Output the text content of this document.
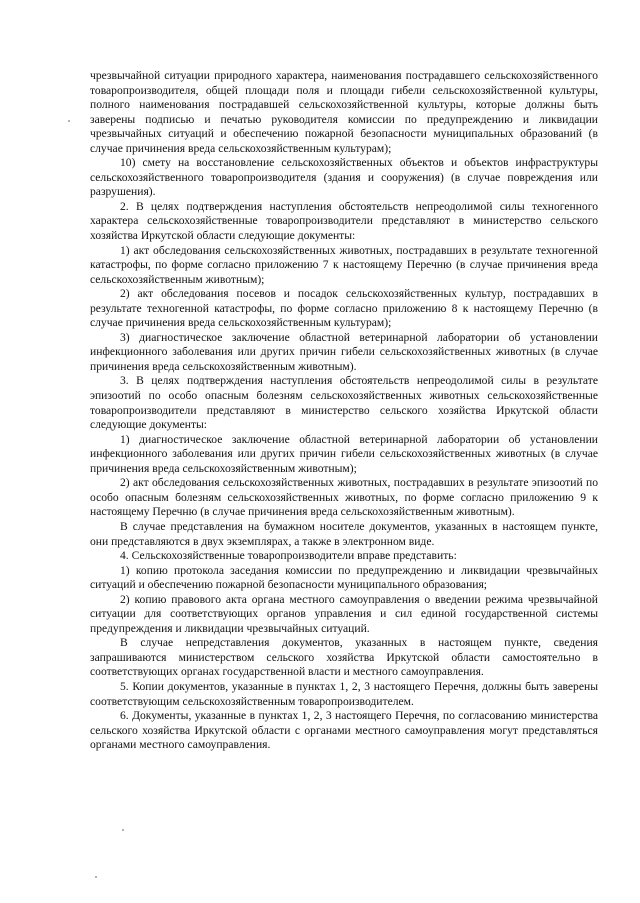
чрезвычайной ситуации природного характера, наименования пострадавшего сельскохозяйственного товаропроизводителя, общей площади поля и площади гибели сельскохозяйственной культуры, полного наименования пострадавшей сельскохозяйственной культуры, которые должны быть заверены подписью и печатью руководителя комиссии по предупреждению и ликвидации чрезвычайных ситуаций и обеспечению пожарной безопасности муниципальных образований (в случае причинения вреда сельскохозяйственным культурам);

10) смету на восстановление сельскохозяйственных объектов и объектов инфраструктуры сельскохозяйственного товаропроизводителя (здания и сооружения) (в случае повреждения или разрушения).

2. В целях подтверждения наступления обстоятельств непреодолимой силы техногенного характера сельскохозяйственные товаропроизводители представляют в министерство сельского хозяйства Иркутской области следующие документы:

1) акт обследования сельскохозяйственных животных, пострадавших в результате техногенной катастрофы, по форме согласно приложению 7 к настоящему Перечню (в случае причинения вреда сельскохозяйственным животным);

2) акт обследования посевов и посадок сельскохозяйственных культур, пострадавших в результате техногенной катастрофы, по форме согласно приложению 8 к настоящему Перечню (в случае причинения вреда сельскохозяйственным культурам);

3) диагностическое заключение областной ветеринарной лаборатории об установлении инфекционного заболевания или других причин гибели сельскохозяйственных животных (в случае причинения вреда сельскохозяйственным животным).

3. В целях подтверждения наступления обстоятельств непреодолимой силы в результате эпизоотий по особо опасным болезням сельскохозяйственных животных сельскохозяйственные товаропроизводители представляют в министерство сельского хозяйства Иркутской области следующие документы:

1) диагностическое заключение областной ветеринарной лаборатории об установлении инфекционного заболевания или других причин гибели сельскохозяйственных животных (в случае причинения вреда сельскохозяйственным животным);

2) акт обследования сельскохозяйственных животных, пострадавших в результате эпизоотий по особо опасным болезням сельскохозяйственных животных, по форме согласно приложению 9 к настоящему Перечню (в случае причинения вреда сельскохозяйственным животным).

В случае представления на бумажном носителе документов, указанных в настоящем пункте, они представляются в двух экземплярах, а также в электронном виде.

4. Сельскохозяйственные товаропроизводители вправе представить:

1) копию протокола заседания комиссии по предупреждению и ликвидации чрезвычайных ситуаций и обеспечению пожарной безопасности муниципального образования;

2) копию правового акта органа местного самоуправления о введении режима чрезвычайной ситуации для соответствующих органов управления и сил единой государственной системы предупреждения и ликвидации чрезвычайных ситуаций.

В случае непредставления документов, указанных в настоящем пункте, сведения запрашиваются министерством сельского хозяйства Иркутской области самостоятельно в соответствующих органах государственной власти и местного самоуправления.

5. Копии документов, указанные в пунктах 1, 2, 3 настоящего Перечня, должны быть заверены соответствующим сельскохозяйственным товаропроизводителем.

6. Документы, указанные в пунктах 1, 2, 3 настоящего Перечня, по согласованию министерства сельского хозяйства Иркутской области с органами местного самоуправления могут представляться органами местного самоуправления.
